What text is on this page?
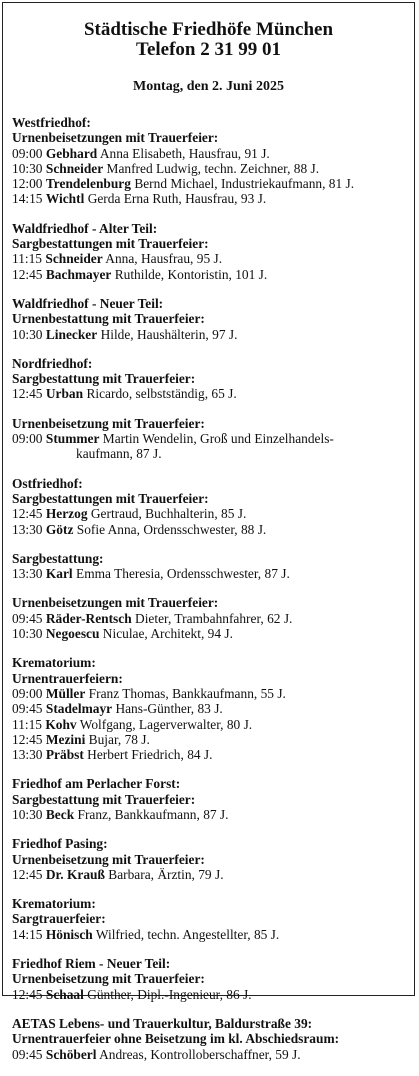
Städtische Friedhöfe München
Telefon 2 31 99 01
Montag, den 2. Juni 2025
Westfriedhof:
Urnenbeisetzungen mit Trauerfeier:
09:00 Gebhard Anna Elisabeth, Hausfrau, 91 J.
10:30 Schneider Manfred Ludwig, techn. Zeichner, 88 J.
12:00 Trendelenburg Bernd Michael, Industriekaufmann, 81 J.
14:15 Wichtl Gerda Erna Ruth, Hausfrau, 93 J.
Waldfriedhof - Alter Teil:
Sargbestattungen mit Trauerfeier:
11:15 Schneider Anna, Hausfrau, 95 J.
12:45 Bachmayer Ruthilde, Kontoristin, 101 J.
Waldfriedhof - Neuer Teil:
Urnenbestattung mit Trauerfeier:
10:30 Linecker Hilde, Haushälterin, 97 J.
Nordfriedhof:
Sargbestattung mit Trauerfeier:
12:45 Urban Ricardo, selbstständig, 65 J.
Urnenbeisetzung mit Trauerfeier:
09:00 Stummer Martin Wendelin, Groß und Einzelhandels-
kaufmann, 87 J.
Ostfriedhof:
Sargbestattungen mit Trauerfeier:
12:45 Herzog Gertraud, Buchhalterin, 85 J.
13:30 Götz Sofie Anna, Ordensschwester, 88 J.
Sargbestattung:
13:30 Karl Emma Theresia, Ordensschwester, 87 J.
Urnenbeisetzungen mit Trauerfeier:
09:45 Räder-Rentsch Dieter, Trambahnfahrer, 62 J.
10:30 Negoescu Niculae, Architekt, 94 J.
Krematorium:
Urnentrauerfeiern:
09:00 Müller Franz Thomas, Bankkaufmann, 55 J.
09:45 Stadelmayr Hans-Günther, 83 J.
11:15 Kohv Wolfgang, Lagerverwalter, 80 J.
12:45 Mezini Bujar, 78 J.
13:30 Präbst Herbert Friedrich, 84 J.
Friedhof am Perlacher Forst:
Sargbestattung mit Trauerfeier:
10:30 Beck Franz, Bankkaufmann, 87 J.
Friedhof Pasing:
Urnenbeisetzung mit Trauerfeier:
12:45 Dr. Krauß Barbara, Ärztin, 79 J.
Krematorium:
Sargtrauerfeier:
14:15 Hönisch Wilfried, techn. Angestellter, 85 J.
Friedhof Riem - Neuer Teil:
Urnenbeisetzung mit Trauerfeier:
12:45 Schaal Günther, Dipl.-Ingenieur, 86 J.
AETAS Lebens- und Trauerkultur, Baldurstraße 39:
Urnentrauerfeier ohne Beisetzung im kl. Abschiedsraum:
09:45 Schöberl Andreas, Kontrolloberschaffner, 59 J.
